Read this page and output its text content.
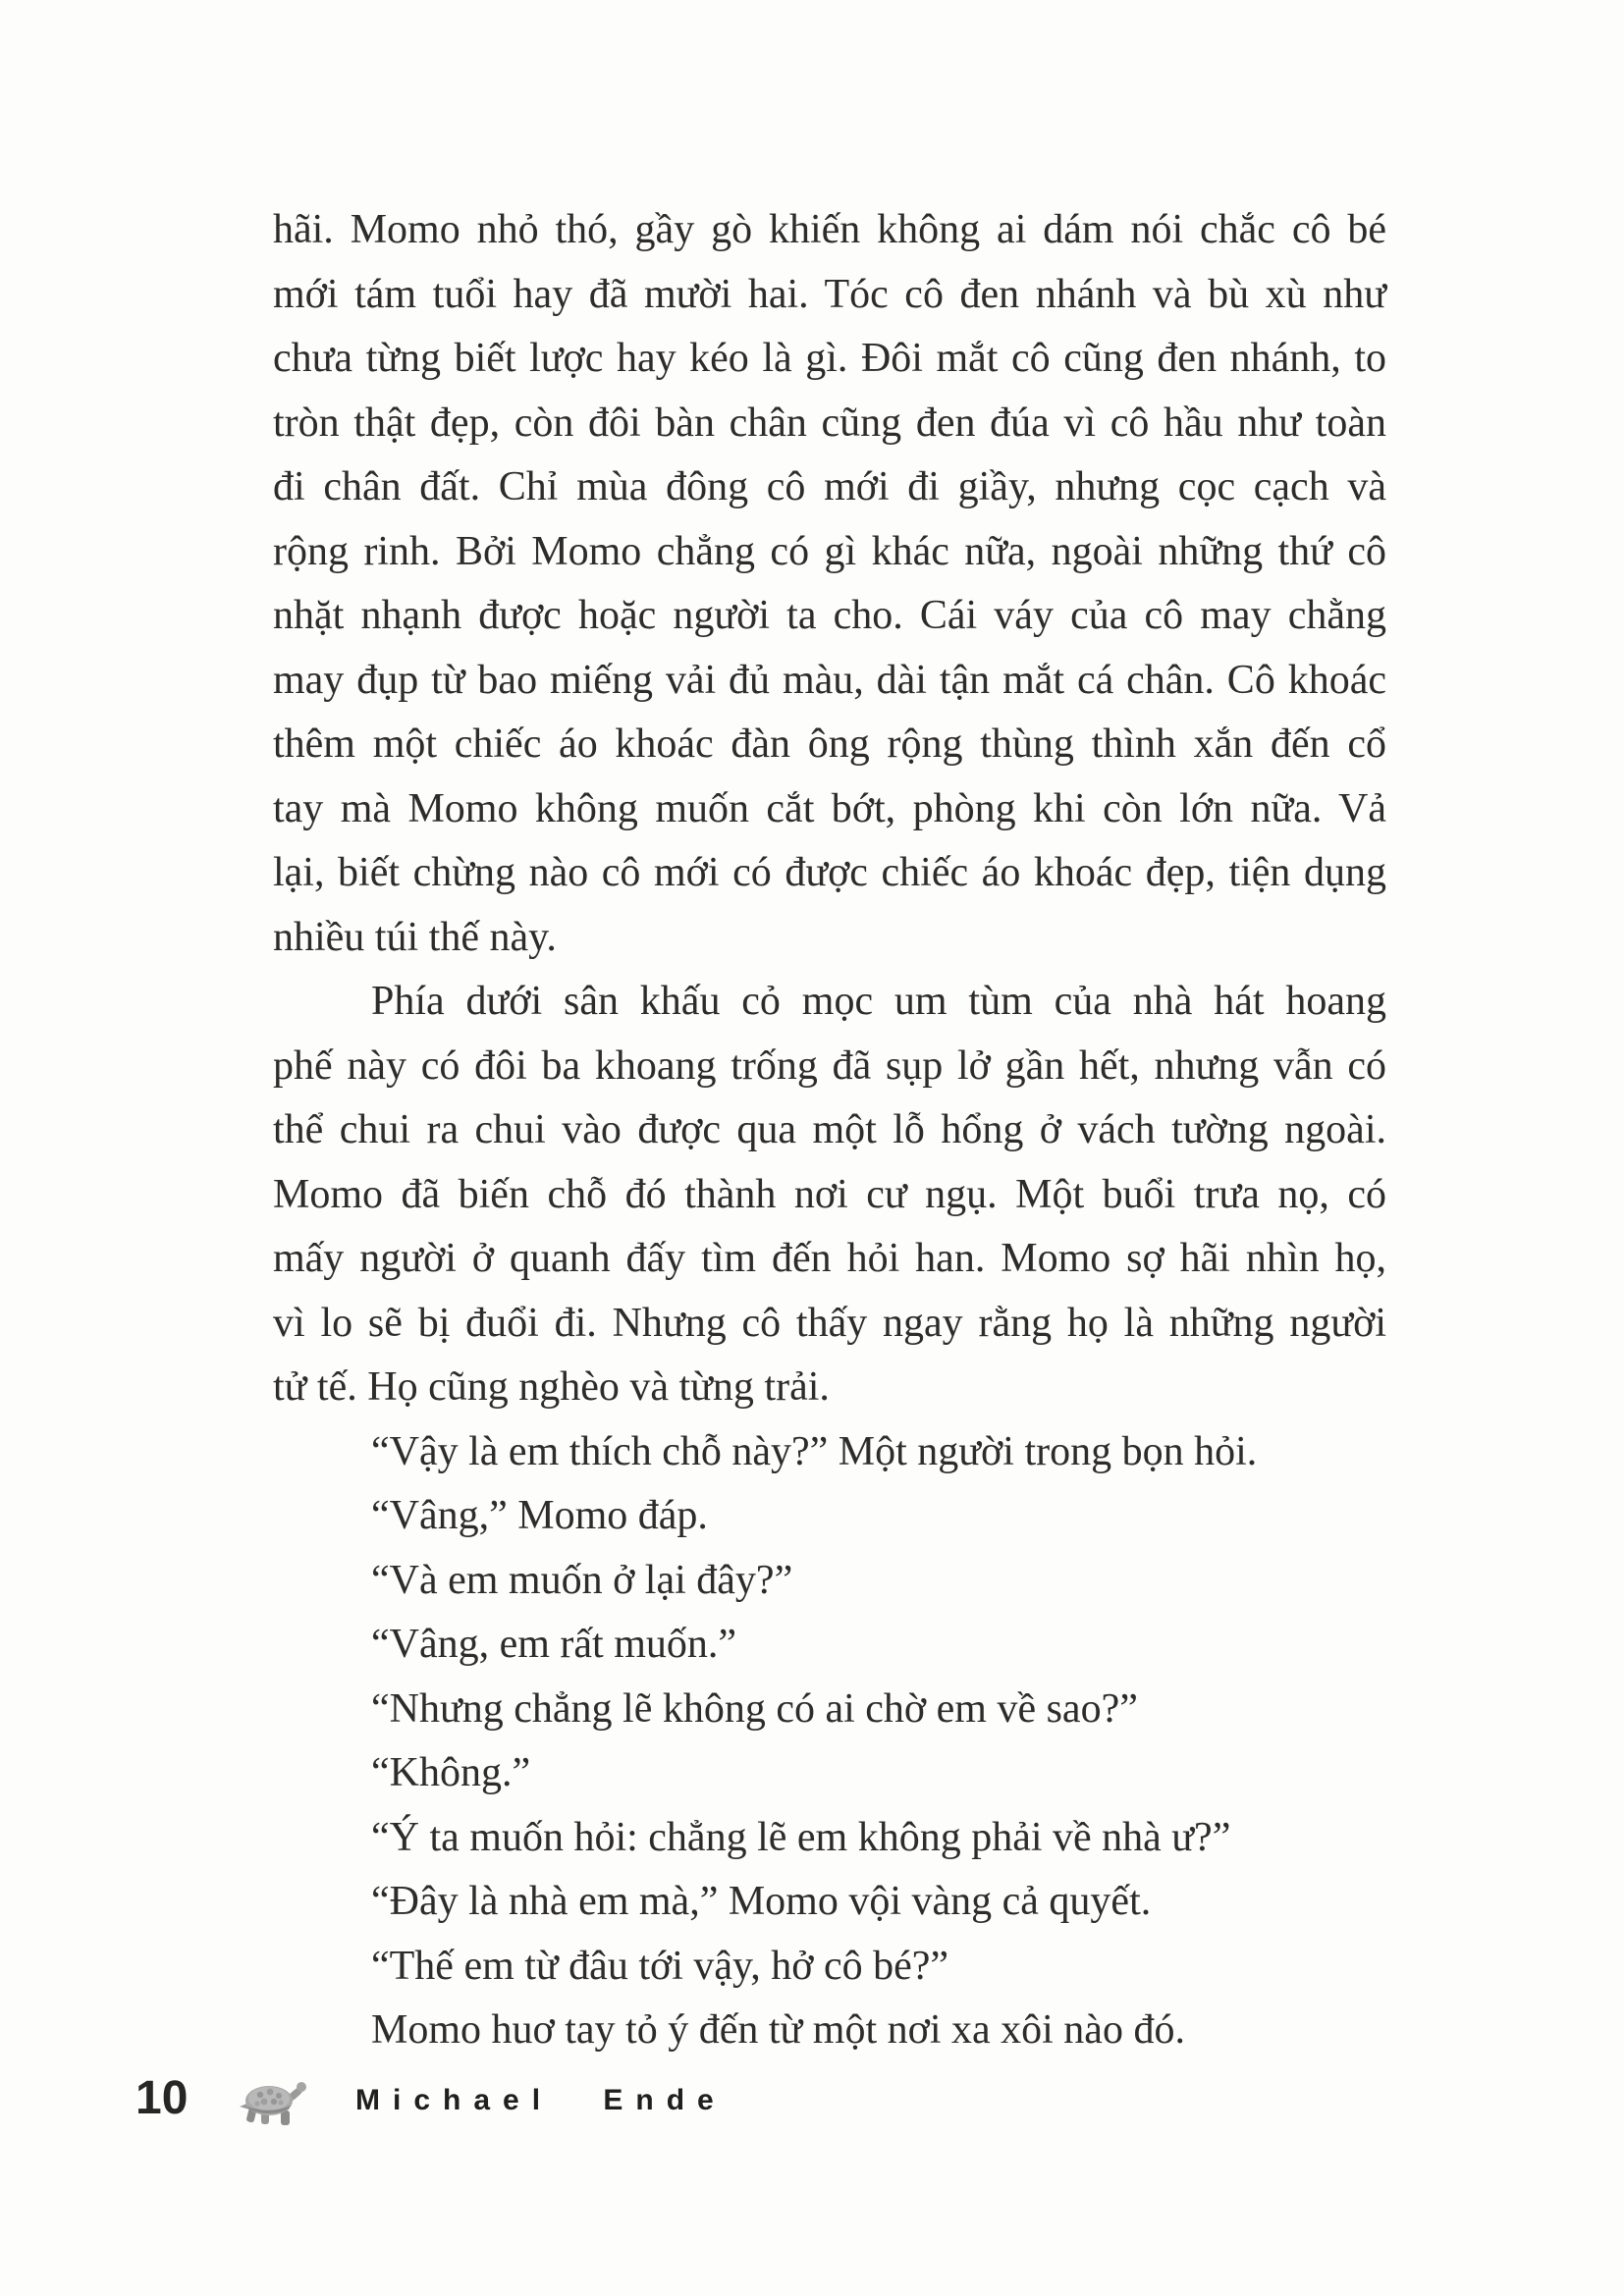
hãi. Momo nhỏ thó, gầy gò khiến không ai dám nói chắc cô bé
mới tám tuổi hay đã mười hai. Tóc cô đen nhánh và bù xù như
chưa từng biết lược hay kéo là gì. Đôi mắt cô cũng đen nhánh, to
tròn thật đẹp, còn đôi bàn chân cũng đen đúa vì cô hầu như toàn
đi chân đất. Chỉ mùa đông cô mới đi giầy, nhưng cọc cạch và
rộng rinh. Bởi Momo chẳng có gì khác nữa, ngoài những thứ cô
nhặt nhạnh được hoặc người ta cho. Cái váy của cô may chằng
may đụp từ bao miếng vải đủ màu, dài tận mắt cá chân. Cô khoác
thêm một chiếc áo khoác đàn ông rộng thùng thình xắn đến cổ
tay mà Momo không muốn cắt bớt, phòng khi còn lớn nữa. Vả
lại, biết chừng nào cô mới có được chiếc áo khoác đẹp, tiện dụng
nhiều túi thế này.
Phía dưới sân khấu cỏ mọc um tùm của nhà hát hoang
phế này có đôi ba khoang trống đã sụp lở gần hết, nhưng vẫn có
thể chui ra chui vào được qua một lỗ hổng ở vách tường ngoài.
Momo đã biến chỗ đó thành nơi cư ngụ. Một buổi trưa nọ, có
mấy người ở quanh đấy tìm đến hỏi han. Momo sợ hãi nhìn họ,
vì lo sẽ bị đuổi đi. Nhưng cô thấy ngay rằng họ là những người
tử tế. Họ cũng nghèo và từng trải.
“Vậy là em thích chỗ này?” Một người trong bọn hỏi.
“Vâng,” Momo đáp.
“Và em muốn ở lại đây?”
“Vâng, em rất muốn.”
“Nhưng chẳng lẽ không có ai chờ em về sao?”
“Không.”
“Ý ta muốn hỏi: chẳng lẽ em không phải về nhà ư?”
“Đây là nhà em mà,” Momo vội vàng cả quyết.
“Thế em từ đâu tới vậy, hở cô bé?”
Momo huơ tay tỏ ý đến từ một nơi xa xôi nào đó.
10	Michael Ende
